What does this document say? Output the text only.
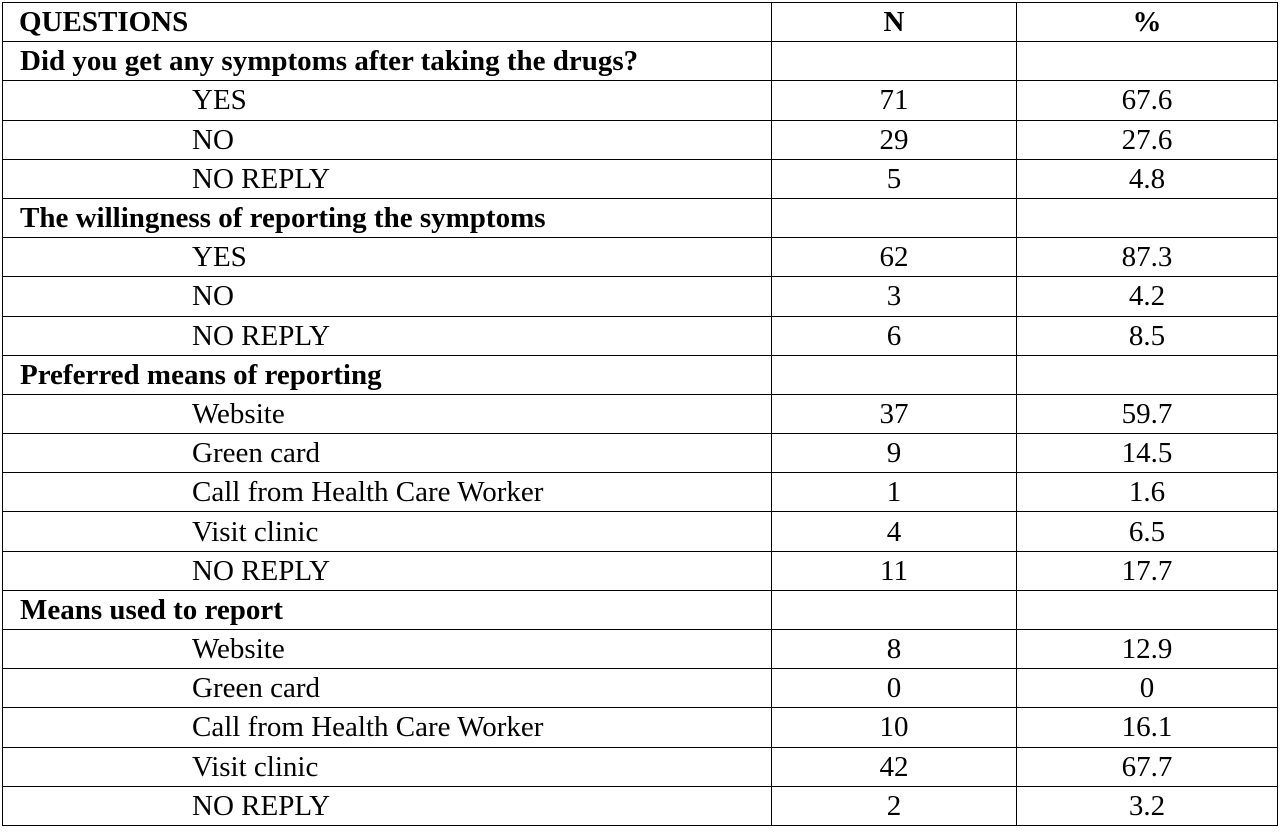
QUESTIONS	N	%
Did you get any symptoms after taking the drugs?		
YES	71	67.6
NO	29	27.6
NO REPLY	5	4.8
The willingness of reporting the symptoms		
YES	62	87.3
NO	3	4.2
NO REPLY	6	8.5
Preferred means of reporting		
Website	37	59.7
Green card	9	14.5
Call from Health Care Worker	1	1.6
Visit clinic	4	6.5
NO REPLY	11	17.7
Means used to report		
Website	8	12.9
Green card	0	0
Call from Health Care Worker	10	16.1
Visit clinic	42	67.7
NO REPLY	2	3.2
